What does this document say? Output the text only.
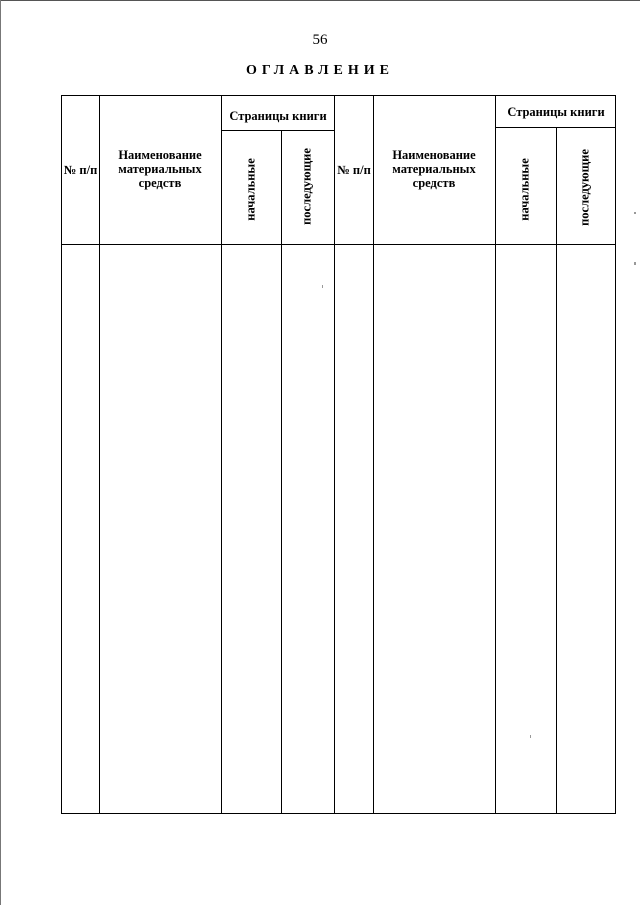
56
ОГЛАВЛЕНИЕ
№ п/п
Наименование материальных средств
Страницы книги
начальные	последующие № п/п
Наименование материальных средств
Страницы книги
начальные	последующие
